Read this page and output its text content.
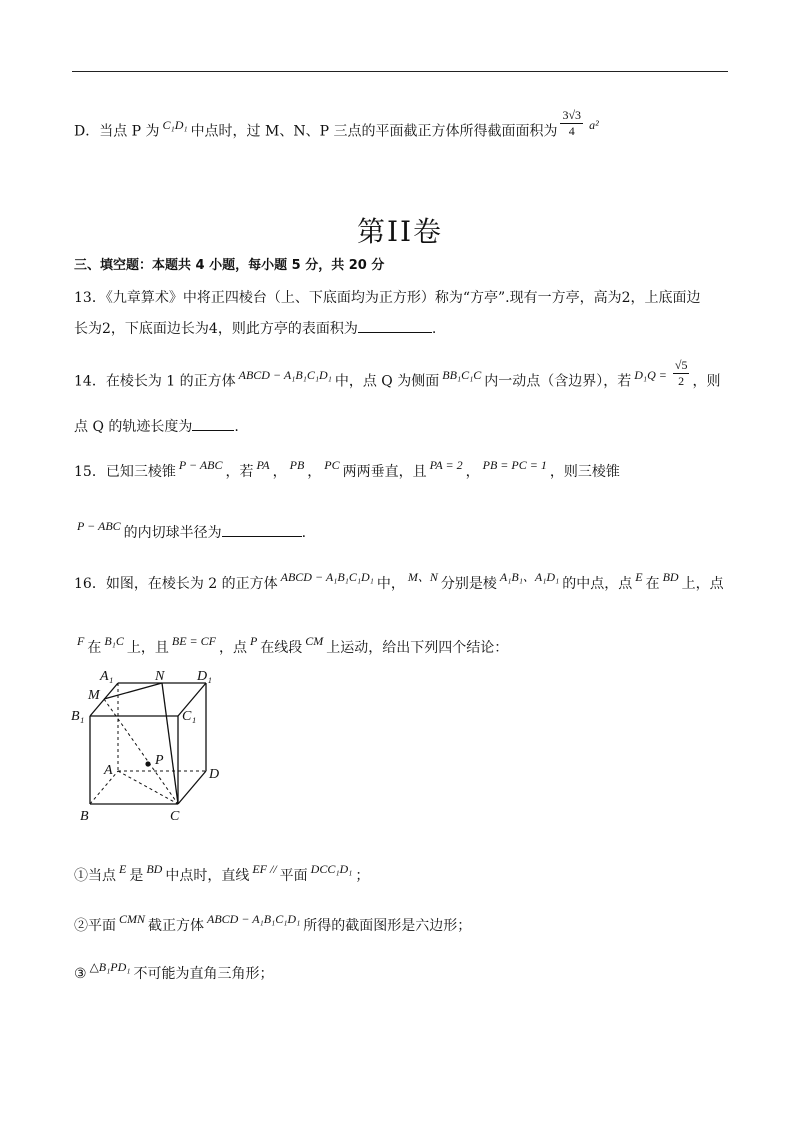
D．当点 P 为 C₁D₁ 中点时，过 M、N、P 三点的平面截正方体所得截面面积为 $\frac{3√3}{4} a^2$
第II卷
三、填空题：本题共 4 小题，每小题 5 分，共 20 分
13．《九章算术》中将正四棱台（上、下底面均为正方形）称为“方亭”.现有一方亭，高为2，上底面边
长为2，下底面边长为4，则此方亭的表面积为	.
14．在棱长为 1 的正方体 ABCD − A₁B₁C₁D₁ 中，点 Q 为侧面 BB₁C₁C 内一动点（含边界），若 $D_1Q = \frac{√5}{2}$ ，则
点 Q 的轨迹长度为	.
15．已知三棱锥 P − ABC ，若 PA ， PB ， PC 两两垂直，且 PA = 2 ， PB = PC = 1 ，则三棱锥
P − ABC 的内切球半径为	.
16．如图，在棱长为 2 的正方体 ABCD − A₁B₁C₁D₁ 中， M、N 分别是棱 A₁B₁、A₁D₁ 的中点，点 E 在 BD 上，点
F 在 B₁C 上，且 BE = CF ，点 P 在线段 CM 上运动，给出下列四个结论：
A₁	N D₁
M
B₁	C₁
A
P
D
B	C
①当点 E 是 BD 中点时，直线 EF // 平面 DCC₁D₁ ；
②平面 CMN 截正方体 ABCD − A₁B₁C₁D₁ 所得的截面图形是六边形；
③ △B₁PD₁ 不可能为直角三角形；
